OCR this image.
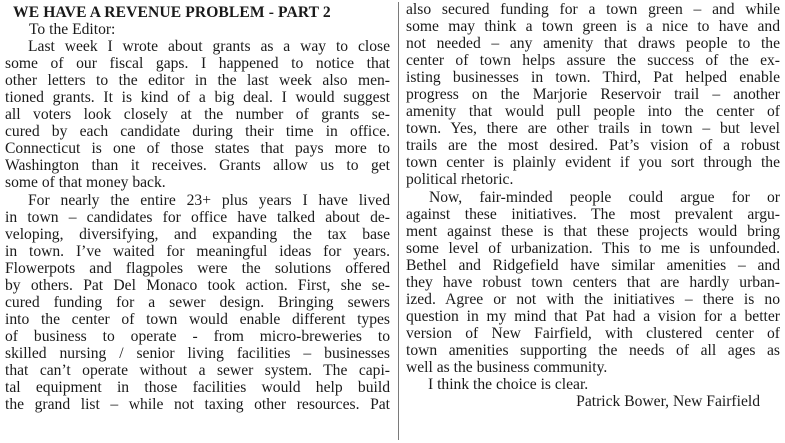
WE HAVE A REVENUE PROBLEM - PART 2
To the Editor:
Last week I wrote about grants as a way to close
some of our fiscal gaps. I happened to notice that
other letters to the editor in the last week also men-
tioned grants. It is kind of a big deal. I would suggest
all voters look closely at the number of grants se-
cured by each candidate during their time in office.
Connecticut is one of those states that pays more to
Washington than it receives. Grants allow us to get
some of that money back.
For nearly the entire 23+ plus years I have lived
in town – candidates for office have talked about de-
veloping, diversifying, and expanding the tax base
in town. I’ve waited for meaningful ideas for years.
Flowerpots and flagpoles were the solutions offered
by others. Pat Del Monaco took action. First, she se-
cured funding for a sewer design. Bringing sewers
into the center of town would enable different types
of business to operate - from micro-breweries to
skilled nursing / senior living facilities – businesses
that can’t operate without a sewer system. The capi-
tal equipment in those facilities would help build
the grand list – while not taxing other resources. Pat
also secured funding for a town green – and while
some may think a town green is a nice to have and
not needed – any amenity that draws people to the
center of town helps assure the success of the ex-
isting businesses in town. Third, Pat helped enable
progress on the Marjorie Reservoir trail – another
amenity that would pull people into the center of
town. Yes, there are other trails in town – but level
trails are the most desired. Pat’s vision of a robust
town center is plainly evident if you sort through the
political rhetoric.
Now, fair-minded people could argue for or
against these initiatives. The most prevalent argu-
ment against these is that these projects would bring
some level of urbanization. This to me is unfounded.
Bethel and Ridgefield have similar amenities – and
they have robust town centers that are hardly urban-
ized. Agree or not with the initiatives – there is no
question in my mind that Pat had a vision for a better
version of New Fairfield, with clustered center of
town amenities supporting the needs of all ages as
well as the business community.
I think the choice is clear.
Patrick Bower, New Fairfield
